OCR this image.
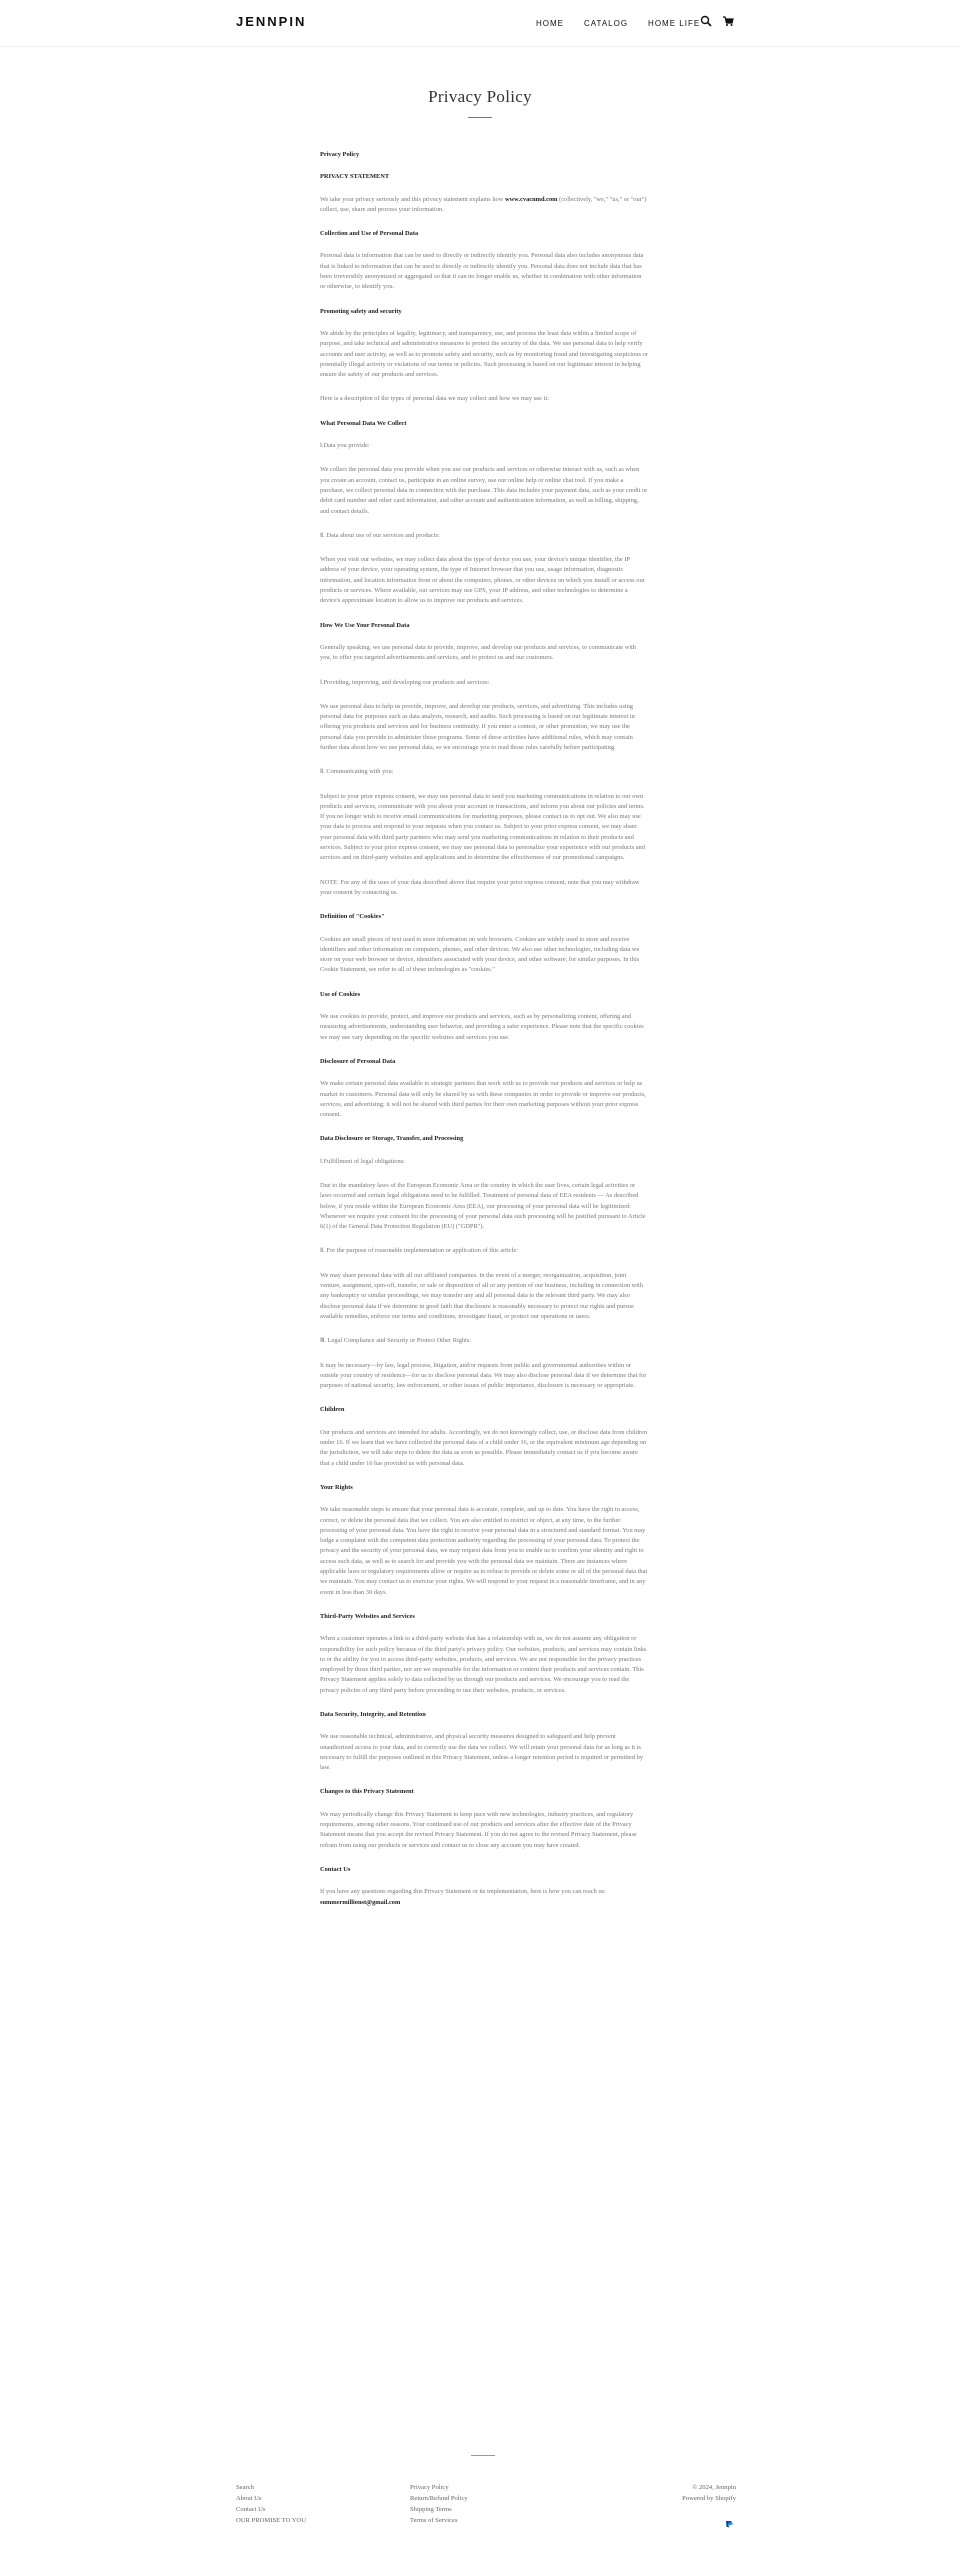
JENNPIN	HOME	CATALOG	HOME LIFE
Privacy Policy
Privacy Policy
PRIVACY STATEMENT

We take your privacy seriously and this privacy statement explains how www.cvacnmd.com (collectively, "we," "us," or "our") collect, use, share and process your information.

Collection and Use of Personal Data

Personal data is information that can be used to directly or indirectly identify you. Personal data also includes anonymous data that is linked to information that can be used to directly or indirectly identify you. Personal data does not include data that has been irreversibly anonymized or aggregated so that it can no longer enable us, whether in combination with other information or otherwise, to identify you.

Promoting safety and security

We abide by the principles of legality, legitimacy, and transparency, use, and process the least data within a limited scope of purpose, and take technical and administrative measures to protect the security of the data. We use personal data to help verify accounts and user activity, as well as to promote safety and security, such as by monitoring fraud and investigating suspicious or potentially illegal activity or violations of our terms or policies. Such processing is based on our legitimate interest in helping ensure the safety of our products and services.

Here is a description of the types of personal data we may collect and how we may use it:

What Personal Data We Collect

Ⅰ.Data you provide:

We collect the personal data you provide when you use our products and services or otherwise interact with us, such as when you create an account, contact us, participate in an online survey, use our online help or online chat tool. If you make a purchase, we collect personal data in connection with the purchase. This data includes your payment data, such as your credit or debit card number and other card information, and other account and authentication information, as well as billing, shipping, and contact details.

Ⅱ. Data about use of our services and products:

When you visit our websites, we may collect data about the type of device you use, your device's unique identifier, the IP address of your device, your operating system, the type of Internet browser that you use, usage information, diagnostic information, and location information from or about the computers, phones, or other devices on which you install or access our products or services. Where available, our services may use GPS, your IP address, and other technologies to determine a device's approximate location to allow us to improve our products and services.

How We Use Your Personal Data

Generally speaking, we use personal data to provide, improve, and develop our products and services, to communicate with you, to offer you targeted advertisements and services, and to protect us and our customers.

Ⅰ.Providing, improving, and developing our products and services:

We use personal data to help us provide, improve, and develop our products, services, and advertising. This includes using personal data for purposes such as data analysis, research, and audits. Such processing is based on our legitimate interest in offering you products and services and for business continuity. If you enter a contest, or other promotion, we may use the personal data you provide to administer those programs. Some of these activities have additional rules, which may contain further data about how we use personal data, so we encourage you to read those rules carefully before participating.

Ⅱ. Communicating with you:

Subject to your prior express consent, we may use personal data to send you marketing communications in relation to our own products and services, communicate with you about your account or transactions, and inform you about our policies and terms. If you no longer wish to receive email communications for marketing purposes, please contact us to opt out. We also may use your data to process and respond to your requests when you contact us. Subject to your prior express consent, we may share your personal data with third party partners who may send you marketing communications in relation to their products and services. Subject to your prior express consent, we may use personal data to personalize your experience with our products and services and on third-party websites and applications and to determine the effectiveness of our promotional campaigns.

NOTE: For any of the uses of your data described above that require your prior express consent, note that you may withdraw your consent by contacting us.

Definition of "Cookies"

Cookies are small pieces of text used to store information on web browsers. Cookies are widely used to store and receive identifiers and other information on computers, phones, and other devices. We also use other technologies, including data we store on your web browser or device, identifiers associated with your device, and other software, for similar purposes. In this Cookie Statement, we refer to all of these technologies as "cookies."

Use of Cookies

We use cookies to provide, protect, and improve our products and services, such as by personalizing content, offering and measuring advertisements, understanding user behavior, and providing a safer experience. Please note that the specific cookies we may use vary depending on the specific websites and services you use.

Disclosure of Personal Data

We make certain personal data available to strategic partners that work with us to provide our products and services or help us market to customers. Personal data will only be shared by us with these companies in order to provide or improve our products, services, and advertising; it will not be shared with third parties for their own marketing purposes without your prior express consent.

Data Disclosure or Storage, Transfer, and Processing

Ⅰ.Fulfillment of legal obligations:

Due to the mandatory laws of the European Economic Area or the country in which the user lives, certain legal activities or laws occurred and certain legal obligations need to be fulfilled. Treatment of personal data of EEA residents — As described below, if you reside within the European Economic Area (EEA), our processing of your personal data will be legitimized: Whenever we require your consent for the processing of your personal data such processing will be justified pursuant to Article 6(1) of the General Data Protection Regulation (EU) ("GDPR").

Ⅱ. For the purpose of reasonable implementation or application of this article:

We may share personal data with all our affiliated companies. In the event of a merger, reorganization, acquisition, joint venture, assignment, spin-off, transfer, or sale or disposition of all or any portion of our business, including in connection with any bankruptcy or similar proceedings, we may transfer any and all personal data to the relevant third party. We may also disclose personal data if we determine in good faith that disclosure is reasonably necessary to protect our rights and pursue available remedies, enforce our terms and conditions, investigate fraud, or protect our operations or users.

Ⅲ. Legal Compliance and Security or Protect Other Rights:

It may be necessary—by law, legal process, litigation, and/or requests from public and governmental authorities within or outside your country of residence—for us to disclose personal data. We may also disclose personal data if we determine that for purposes of national security, law enforcement, or other issues of public importance, disclosure is necessary or appropriate.

Children

Our products and services are intended for adults. Accordingly, we do not knowingly collect, use, or disclose data from children under 16. If we learn that we have collected the personal data of a child under 16, or the equivalent minimum age depending on the jurisdiction, we will take steps to delete the data as soon as possible. Please immediately contact us if you become aware that a child under 16 has provided us with personal data.

Your Rights

We take reasonable steps to ensure that your personal data is accurate, complete, and up to date. You have the right to access, correct, or delete the personal data that we collect. You are also entitled to restrict or object, at any time, to the further processing of your personal data. You have the right to receive your personal data in a structured and standard format. You may lodge a complaint with the competent data protection authority regarding the processing of your personal data. To protect the privacy and the security of your personal data, we may request data from you to enable us to confirm your identity and right to access such data, as well as to search for and provide you with the personal data we maintain. There are instances where applicable laws or regulatory requirements allow or require us to refuse to provide or delete some or all of the personal data that we maintain. You may contact us to exercise your rights. We will respond to your request in a reasonable timeframe, and in any event in less than 30 days.

Third-Party Websites and Services

When a customer operates a link to a third-party website that has a relationship with us, we do not assume any obligation or responsibility for such policy because of the third party's privacy policy. Our websites, products, and services may contain links to or the ability for you to access third-party websites, products, and services. We are not responsible for the privacy practices employed by those third parties, nor are we responsible for the information or content their products and services contain. This Privacy Statement applies solely to data collected by us through our products and services. We encourage you to read the privacy policies of any third party before proceeding to use their websites, products, or services.

Data Security, Integrity, and Retention

We use reasonable technical, administrative, and physical security measures designed to safeguard and help prevent unauthorized access to your data, and to correctly use the data we collect. We will retain your personal data for as long as it is necessary to fulfill the purposes outlined in this Privacy Statement, unless a longer retention period is required or permitted by law.

Changes to this Privacy Statement

We may periodically change this Privacy Statement to keep pace with new technologies, industry practices, and regulatory requirements, among other reasons. Your continued use of our products and services after the effective date of the Privacy Statement means that you accept the revised Privacy Statement. If you do not agree to the revised Privacy Statement, please refrain from using our products or services and contact us to close any account you may have created.

Contact Us

If you have any questions regarding this Privacy Statement or its implementation, here is how you can reach us: summermillionst@gmail.com

Search
About Us
Contact Us
OUR PROMISE TO YOU
Privacy Policy
Return/Refund Policy
Shipping Terms
Terms of Services
© 2024, Jennpin
Powered by Shopify
